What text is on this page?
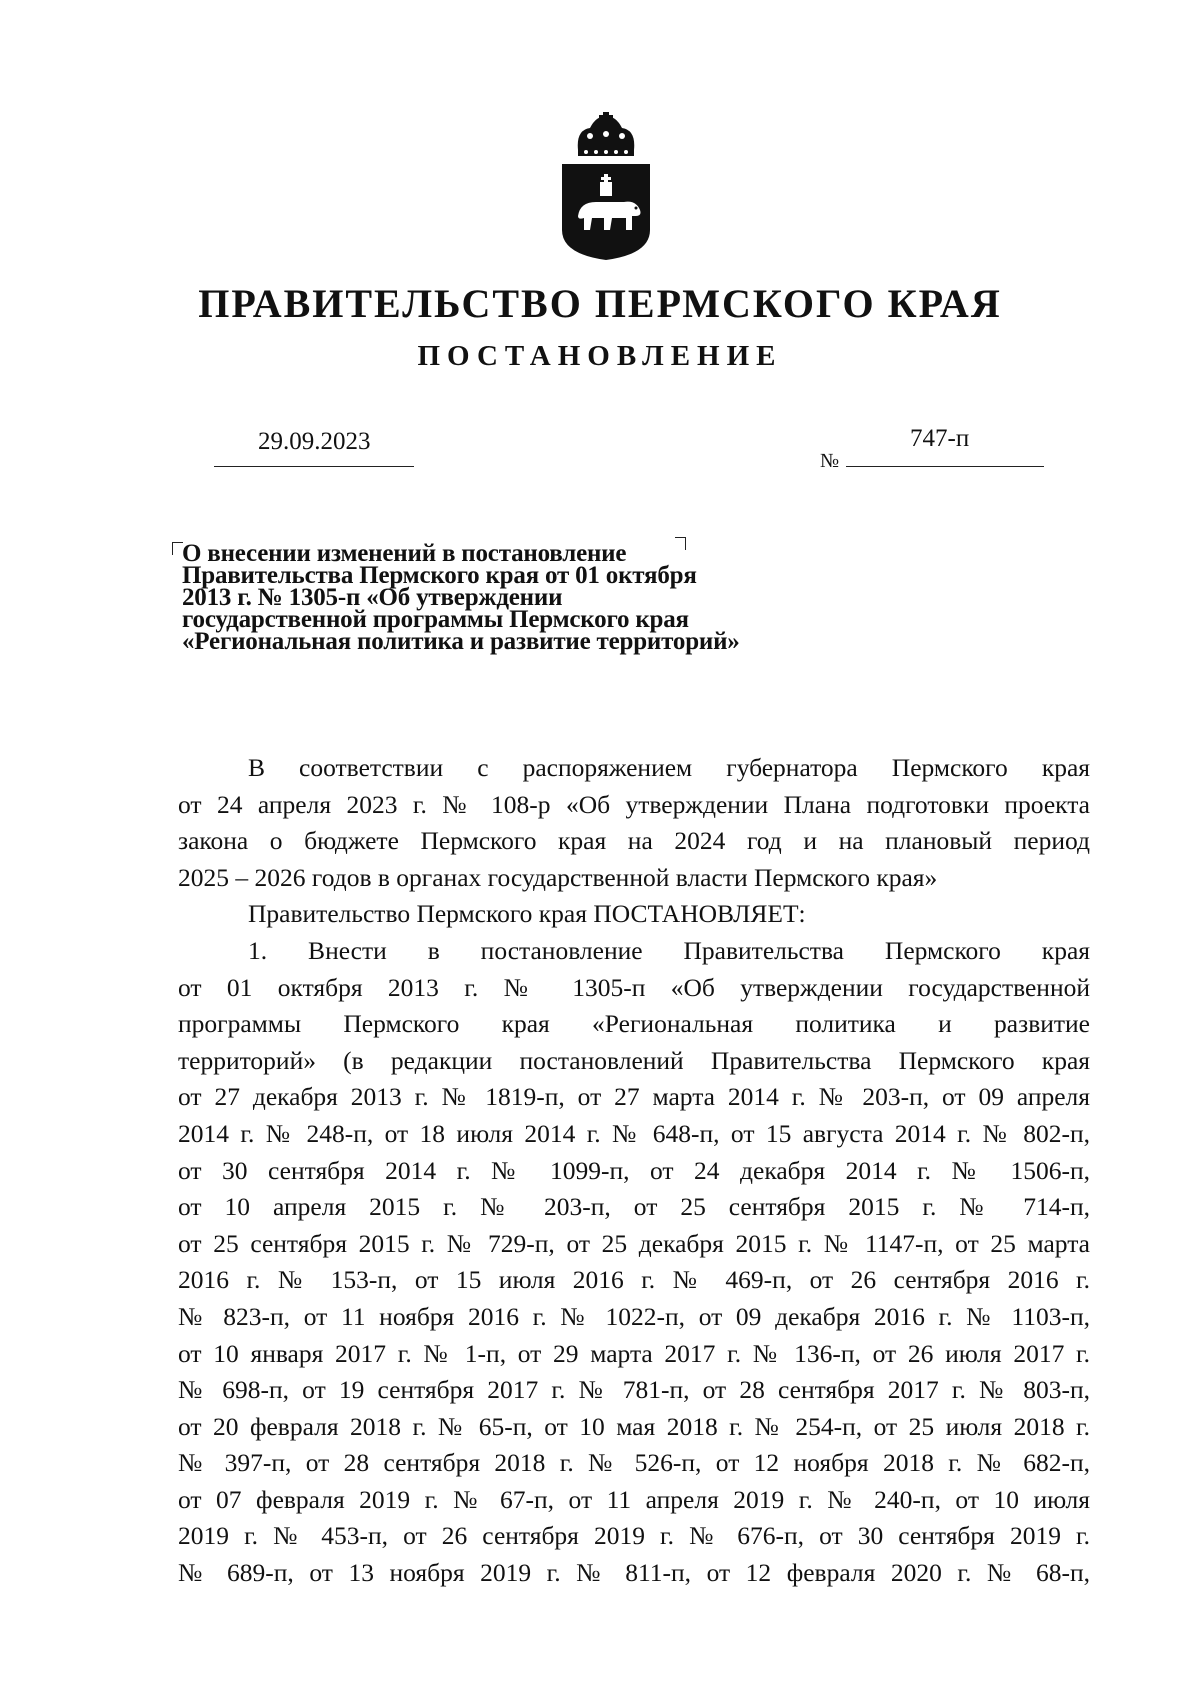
ПРАВИТЕЛЬСТВО ПЕРМСКОГО КРАЯ
ПОСТАНОВЛЕНИЕ
29.09.2023	747-п
№
О внесении изменений в постановление
Правительства Пермского края от 01 октября
2013 г. № 1305-п «Об утверждении
государственной программы Пермского края
«Региональная политика и развитие территорий»

В соответствии с распоряжением губернатора Пермского края

от 24 апреля 2023 г. № 108-р «Об утверждении Плана подготовки проекта

закона о бюджете Пермского края на 2024 год и на плановый период

2025 – 2026 годов в органах государственной власти Пермского края»

Правительство Пермского края ПОСТАНОВЛЯЕТ:

1. Внести в постановление Правительства Пермского края

от 01 октября 2013 г. № 1305-п «Об утверждении государственной

программы Пермского края «Региональная политика и развитие

территорий» (в редакции постановлений Правительства Пермского края

от 27 декабря 2013 г. № 1819-п, от 27 марта 2014 г. № 203-п, от 09 апреля

2014 г. № 248-п, от 18 июля 2014 г. № 648-п, от 15 августа 2014 г. № 802-п,

от 30 сентября 2014 г. № 1099-п, от 24 декабря 2014 г. № 1506-п,

от 10 апреля 2015 г. № 203-п, от 25 сентября 2015 г. № 714-п,

от 25 сентября 2015 г. № 729-п, от 25 декабря 2015 г. № 1147-п, от 25 марта

2016 г. № 153-п, от 15 июля 2016 г. № 469-п, от 26 сентября 2016 г.

№ 823-п, от 11 ноября 2016 г. № 1022-п, от 09 декабря 2016 г. № 1103-п,

от 10 января 2017 г. № 1-п, от 29 марта 2017 г. № 136-п, от 26 июля 2017 г.

№ 698-п, от 19 сентября 2017 г. № 781-п, от 28 сентября 2017 г. № 803-п,

от 20 февраля 2018 г. № 65-п, от 10 мая 2018 г. № 254-п, от 25 июля 2018 г.

№ 397-п, от 28 сентября 2018 г. № 526-п, от 12 ноября 2018 г. № 682-п,

от 07 февраля 2019 г. № 67-п, от 11 апреля 2019 г. № 240-п, от 10 июля

2019 г. № 453-п, от 26 сентября 2019 г. № 676-п, от 30 сентября 2019 г.

№ 689-п, от 13 ноября 2019 г. № 811-п, от 12 февраля 2020 г. № 68-п,
